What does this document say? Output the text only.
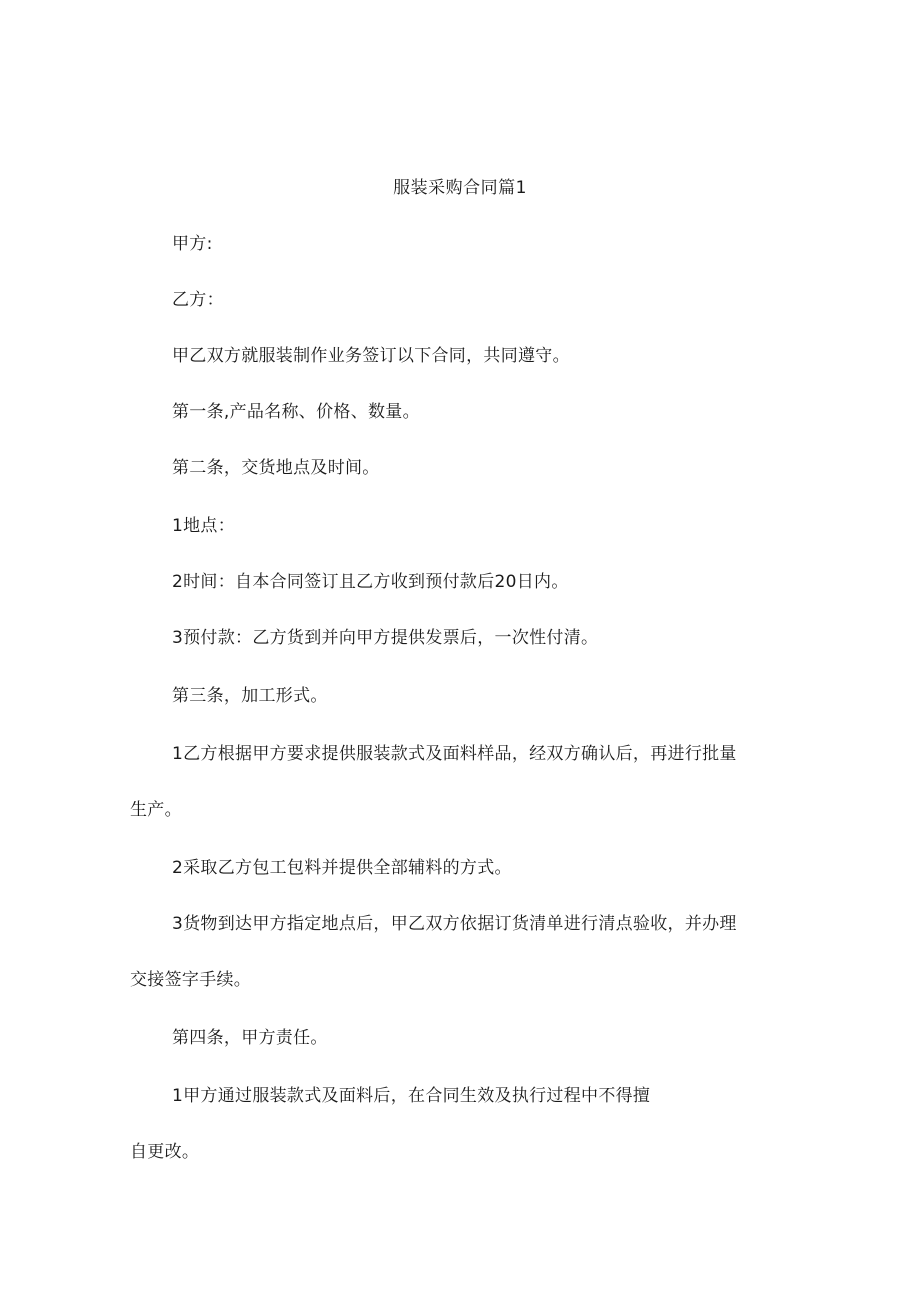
服装采购合同篇1
甲方:
乙方：
甲乙双方就服装制作业务签订以下合同，共同遵守。
第一条,产品名称、价格、数量。
第二条，交货地点及时间。
1地点：
2时间：自本合同签订且乙方收到预付款后20日内。
3预付款：乙方货到并向甲方提供发票后，一次性付清。
第三条，加工形式。
1乙方根据甲方要求提供服装款式及面料样品，经双方确认后，再进行批量
生产。
2采取乙方包工包料并提供全部辅料的方式。
3货物到达甲方指定地点后，甲乙双方依据订货清单进行清点验收，并办理
交接签字手续。
第四条，甲方责任。
1甲方通过服装款式及面料后，在合同生效及执行过程中不得擅
自更改。
